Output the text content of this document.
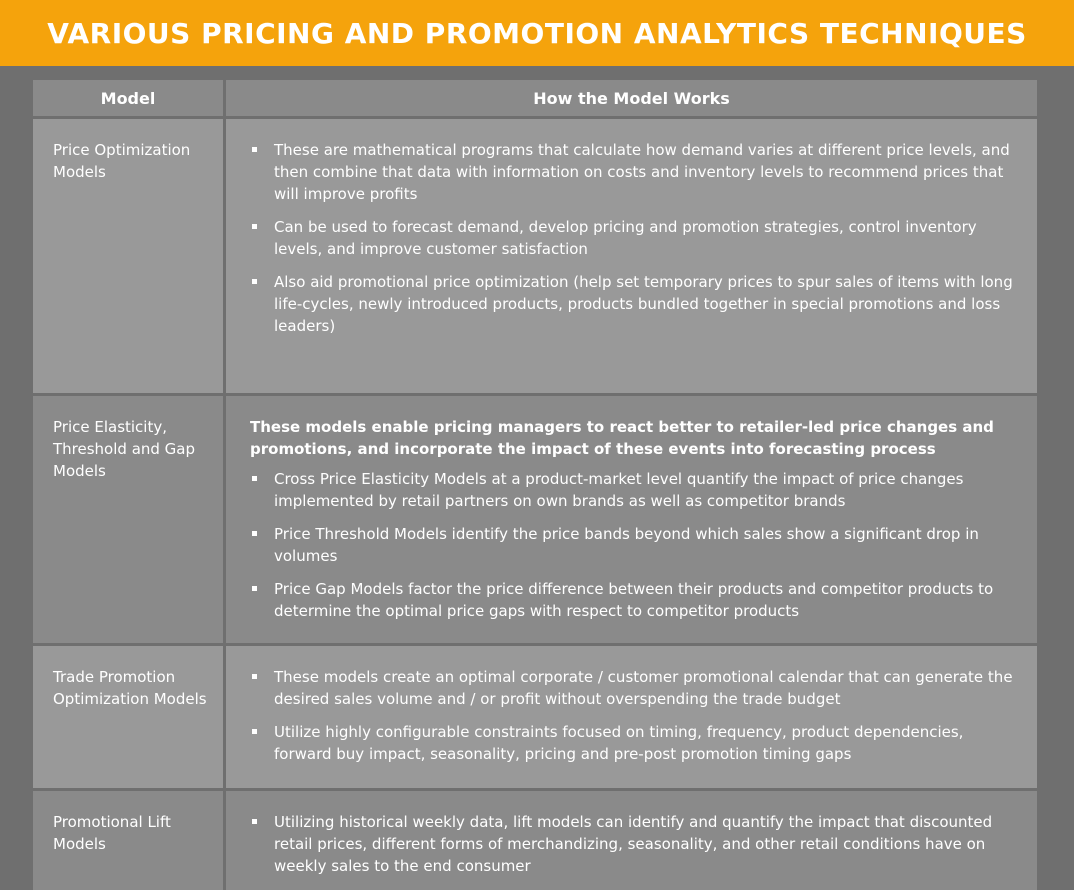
VARIOUS PRICING AND PROMOTION ANALYTICS TECHNIQUES
Model	How the Model Works
Price Optimization Models
These are mathematical programs that calculate how demand varies at different price levels, and then combine that data with information on costs and inventory levels to recommend prices that will improve profits
Can be used to forecast demand, develop pricing and promotion strategies, control inventory levels, and improve customer satisfaction
Also aid promotional price optimization (help set temporary prices to spur sales of items with long life-cycles, newly introduced products, products bundled together in special promotions and loss leaders)
Price Elasticity, Threshold and Gap Models

These models enable pricing managers to react better to retailer-led price changes and promotions, and incorporate the impact of these events into forecasting process

Cross Price Elasticity Models at a product-market level quantify the impact of price changes implemented by retail partners on own brands as well as competitor brands
Price Threshold Models identify the price bands beyond which sales show a significant drop in volumes
Price Gap Models factor the price difference between their products and competitor products to determine the optimal price gaps with respect to competitor products
Trade Promotion Optimization Models
These models create an optimal corporate / customer promotional calendar that can generate the desired sales volume and / or profit without overspending the trade budget
Utilize highly configurable constraints focused on timing, frequency, product dependencies, forward buy impact, seasonality, pricing and pre-post promotion timing gaps
Promotional Lift Models
Utilizing historical weekly data, lift models can identify and quantify the impact that discounted retail prices, different forms of merchandizing, seasonality, and other retail conditions have on weekly sales to the end consumer
